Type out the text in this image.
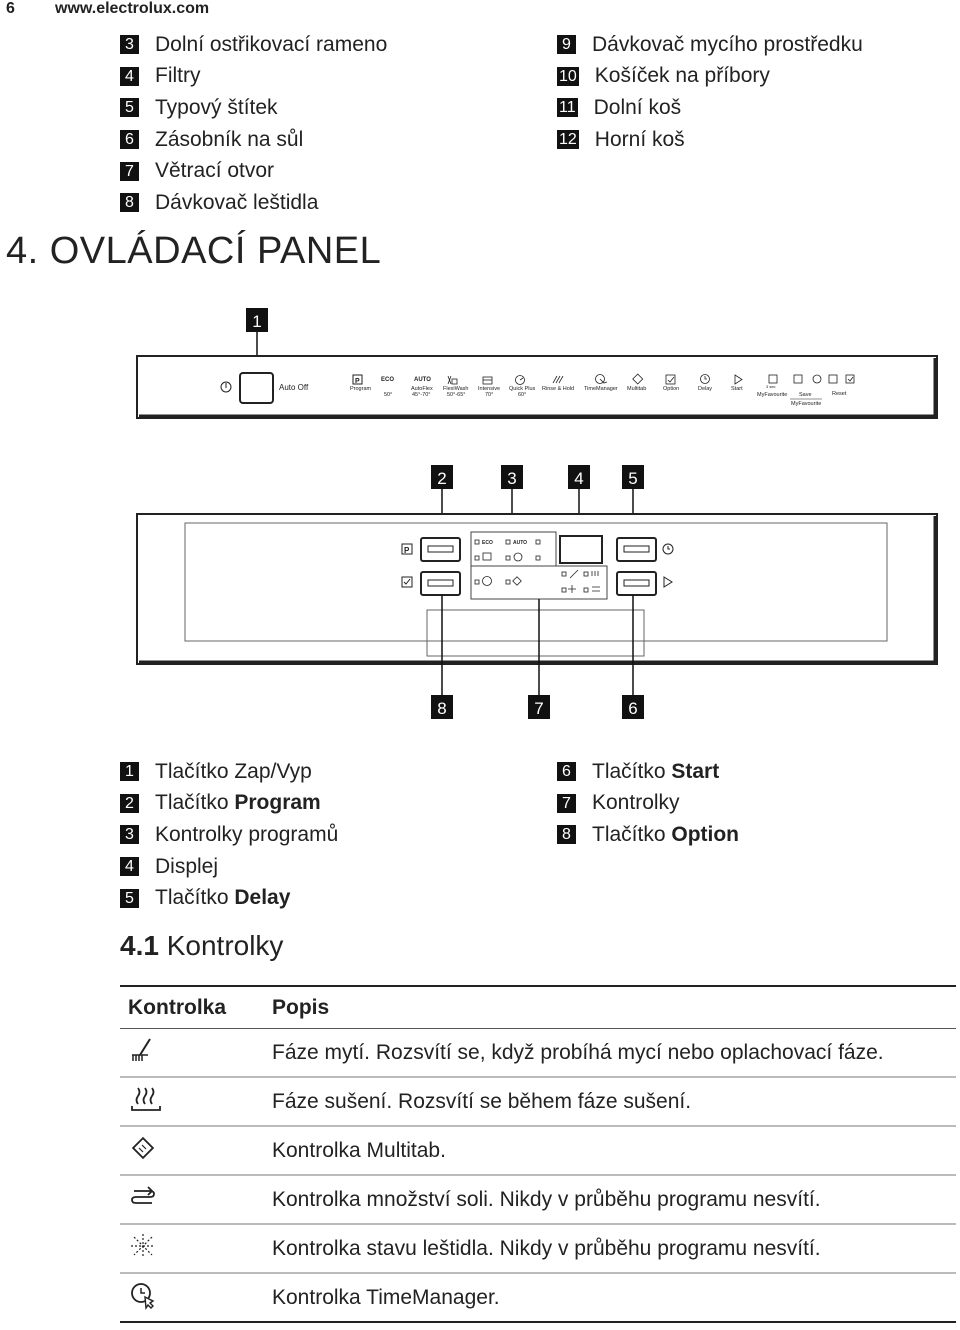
6	www.electrolux.com
3 Dolní ostřikovací rameno
4 Filtry
5 Typový štítek
6 Zásobník na sůl
7 Větrací otvor
8 Dávkovač leštidla
9 Dávkovač mycího prostředku
10 Košíček na příbory
11 Dolní koš
12 Horní koš
4. OVLÁDACÍ PANEL
1
Auto Off
P
Program
ECO
50°
AUTO
AutoFlex
45°-70°
FlexiWash
50°-65°
Intensive
70°
Quick Plus
60°
Rinse & Hold TimeManager Multitab	Option	Delay	Start	3 sec
MyFavourite Save	Reset
MyFavourite
2	3	4	5
P
ECO	AUTO
8	7	6
1 Tlačítko Zap/Vyp
2 Tlačítko Program
3 Kontrolky programů
4 Displej
5 Tlačítko Delay
6 Tlačítko Start
7 Kontrolky
8 Tlačítko Option
4.1 Kontrolky
Kontrolka	Popis
	Fáze mytí. Rozsvítí se, když probíhá mycí nebo oplachovací fáze.
	Fáze sušení. Rozsvítí se během fáze sušení.
	Kontrolka Multitab.
	Kontrolka množství soli. Nikdy v průběhu programu nesvítí.
	Kontrolka stavu leštidla. Nikdy v průběhu programu nesvítí.
	Kontrolka TimeManager.
